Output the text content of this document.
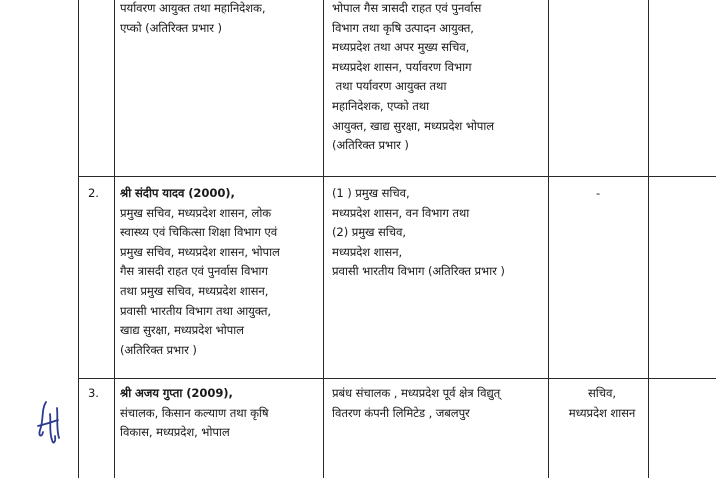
पर्यावरण आयुक्त तथा महानिदेशक,
एप्को (अतिरिक्त प्रभार )
भोपाल गैस त्रासदी राहत एवं पुनर्वास
विभाग तथा कृषि उत्पादन आयुक्त,
मध्यप्रदेश तथा अपर मुख्य सचिव,
मध्यप्रदेश शासन, पर्यावरण विभाग
तथा पर्यावरण आयुक्त तथा
महानिदेशक, एप्को तथा
आयुक्त, खाद्य सुरक्षा, मध्यप्रदेश भोपाल
(अतिरिक्त प्रभार )
2. श्री संदीप यादव (2000),
प्रमुख सचिव, मध्यप्रदेश शासन, लोक
स्वास्थ्य एवं चिकित्सा शिक्षा विभाग एवं
प्रमुख सचिव, मध्यप्रदेश शासन, भोपाल
गैस त्रासदी राहत एवं पुनर्वास विभाग
तथा प्रमुख सचिव, मध्यप्रदेश शासन,
प्रवासी भारतीय विभाग तथा आयुक्त,
खाद्य सुरक्षा, मध्यप्रदेश भोपाल
(अतिरिक्त प्रभार )
(1 ) प्रमुख सचिव,
मध्यप्रदेश शासन, वन विभाग तथा
(2) प्रमुख सचिव,
मध्यप्रदेश शासन,
प्रवासी भारतीय विभाग (अतिरिक्त प्रभार )
-
3. श्री अजय गुप्ता (2009),
संचालक, किसान कल्याण तथा कृषि
विकास, मध्यप्रदेश, भोपाल
प्रबंध संचालक , मध्यप्रदेश पूर्व क्षेत्र विद्युत्
वितरण कंपनी लिमिटेड , जबलपुर
सचिव,
मध्यप्रदेश शासन
